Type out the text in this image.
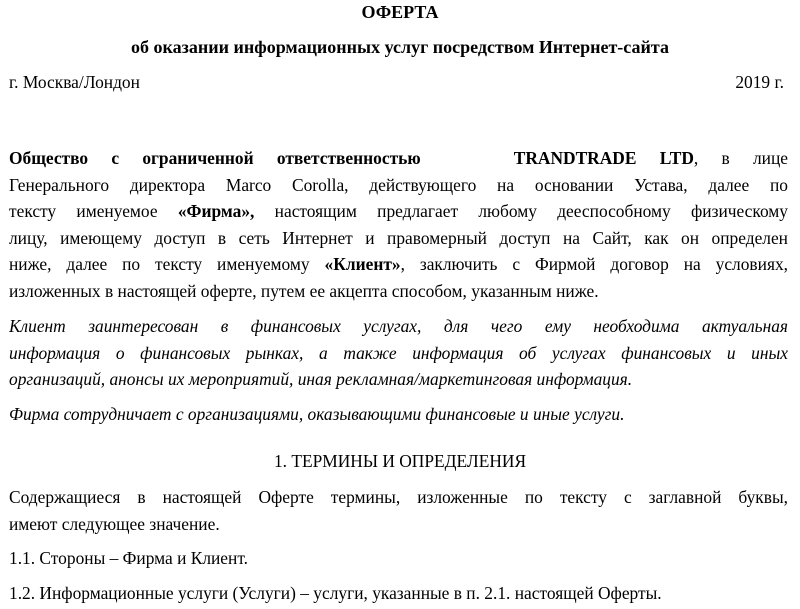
ОФЕРТА
об оказании информационных услуг посредством Интернет-сайта
г. Москва/Лондон	2019 г.
Общество с ограниченной ответственностью	TRANDTRADE LTD, в лице
Генерального директора Marco Corolla, действующего на основании Устава, далее по
тексту именуемое «Фирма», настоящим предлагает любому дееспособному физическому
лицу, имеющему доступ в сеть Интернет и правомерный доступ на Сайт, как он определен
ниже, далее по тексту именуемому «Клиент», заключить с Фирмой договор на условиях,
изложенных в настоящей оферте, путем ее акцепта способом, указанным ниже.
Клиент заинтересован в финансовых услугах, для чего ему необходима актуальная
информация о финансовых рынках, а также информация об услугах финансовых и иных
организаций, анонсы их мероприятий, иная рекламная/маркетинговая информация.
Фирма сотрудничает с организациями, оказывающими финансовые и иные услуги.
1. ТЕРМИНЫ И ОПРЕДЕЛЕНИЯ
Содержащиеся в настоящей Оферте термины, изложенные по тексту с заглавной буквы,
имеют следующее значение.
1.1. Стороны – Фирма и Клиент.
1.2. Информационные услуги (Услуги) – услуги, указанные в п. 2.1. настоящей Оферты.
